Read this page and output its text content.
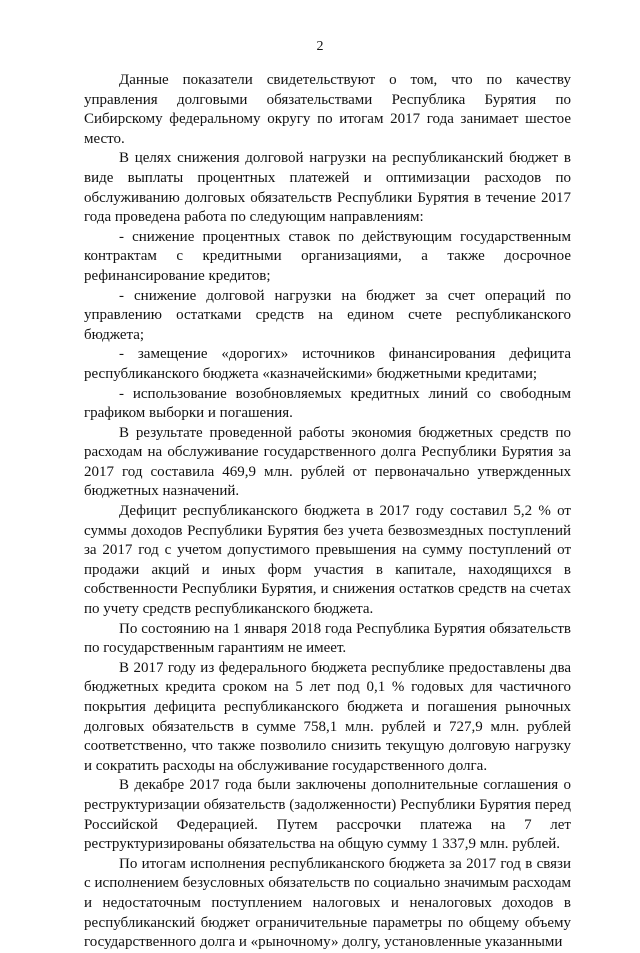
2

Данные показатели свидетельствуют о том, что по качеству управления долговыми обязательствами Республика Бурятия по Сибирскому федеральному округу по итогам 2017 года занимает шестое место.

В целях снижения долговой нагрузки на республиканский бюджет в виде выплаты процентных платежей и оптимизации расходов по обслуживанию долговых обязательств Республики Бурятия в течение 2017 года проведена работа по следующим направлениям:

- снижение процентных ставок по действующим государственным контрактам с кредитными организациями, а также досрочное рефинансирование кредитов;

- снижение долговой нагрузки на бюджет за счет операций по управлению остатками средств на едином счете республиканского бюджета;

- замещение «дорогих» источников финансирования дефицита республиканского бюджета «казначейскими» бюджетными кредитами;

- использование возобновляемых кредитных линий со свободным графиком выборки и погашения.

В результате проведенной работы экономия бюджетных средств по расходам на обслуживание государственного долга Республики Бурятия за 2017 год составила 469,9 млн. рублей от первоначально утвержденных бюджетных назначений.

Дефицит республиканского бюджета в 2017 году составил 5,2 % от суммы доходов Республики Бурятия без учета безвозмездных поступлений за 2017 год с учетом допустимого превышения на сумму поступлений от продажи акций и иных форм участия в капитале, находящихся в собственности Республики Бурятия, и снижения остатков средств на счетах по учету средств республиканского бюджета.

По состоянию на 1 января 2018 года Республика Бурятия обязательств по государственным гарантиям не имеет.

В 2017 году из федерального бюджета республике предоставлены два бюджетных кредита сроком на 5 лет под 0,1 % годовых для частичного покрытия дефицита республиканского бюджета и погашения рыночных долговых обязательств в сумме 758,1 млн. рублей и 727,9 млн. рублей соответственно, что также позволило снизить текущую долговую нагрузку и сократить расходы на обслуживание государственного долга.

В декабре 2017 года были заключены дополнительные соглашения о реструктуризации обязательств (задолженности) Республики Бурятия перед Российской Федерацией. Путем рассрочки платежа на 7 лет реструктуризированы обязательства на общую сумму 1 337,9 млн. рублей.

По итогам исполнения республиканского бюджета за 2017 год в связи с исполнением безусловных обязательств по социально значимым расходам и недостаточным поступлением налоговых и неналоговых доходов в республиканский бюджет ограничительные параметры по общему объему государственного долга и «рыночному» долгу, установленные указанными
